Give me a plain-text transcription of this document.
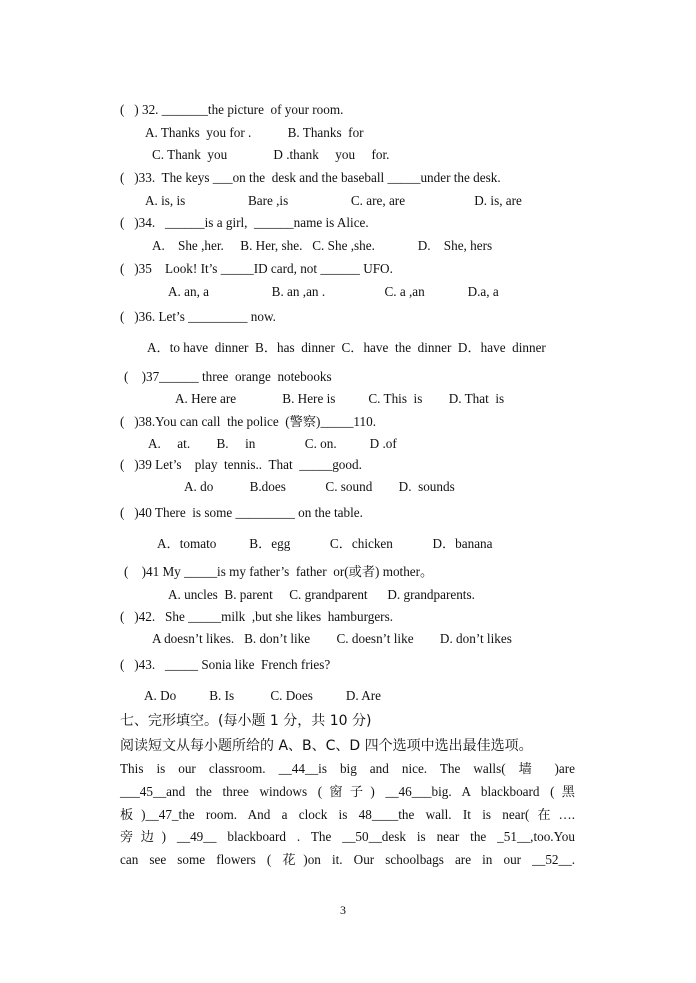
(   ) 32. _______the picture  of your room.
A. Thanks  you for .           B. Thanks  for
C. Thank  you              D .thank     you     for.
(   )33.  The keys ___on the  desk and the baseball _____under the desk.
A. is, is                   Bare ,is                   C. are, are                     D. is, are
(   )34.   ______is a girl,  ______name is Alice.
A.    She ,her.     B. Her, she.   C. She ,she.             D.    She, hers
(   )35    Look! It’s _____ID card, not ______ UFO.
A. an, a                   B. an ,an .                  C. a ,an             D.a, a
(   )36. Let’s _________ now.
A．to have  dinner  B．has  dinner  C．have  the  dinner  D．have  dinner
(    )37______ three  orange  notebooks
A. Here are              B. Here is          C. This  is        D. That  is
(   )38.You can call  the police  (警察)_____110.
A.     at.        B.     in               C. on.          D .of
(   )39 Let’s    play  tennis..  That  _____good.
A. do           B.does            C. sound        D.  sounds
(   )40 There  is some _________ on the table.
A．tomato          B．egg            C．chicken            D．banana
(    )41 My _____is my father’s  father  or(或者) mother。
A. uncles  B. parent     C. grandparent      D. grandparents.
(   )42.   She _____milk  ,but she likes  hamburgers.
A doesn’t likes.   B. don’t like        C. doesn’t like        D. don’t likes
(   )43.   _____ Sonia like  French fries?
A. Do          B. Is           C. Does          D. Are
七、完形填空。(每小题 1 分，共 10 分)
阅读短文从每小题所给的 A、B、C、D 四个选项中选出最佳选项。
This is our classroom. __44__is big and nice. The walls( 墙 )are
___45__and the three windows (窗子) __46___big. A blackboard (黑
板)__47_the room. And a clock is 48____the wall. It is near(在….
旁边) __49__ blackboard . The __50__desk is near the _51__,too.You
can see some flowers ( 花)on it. Our schoolbags are in our __52__.
3
